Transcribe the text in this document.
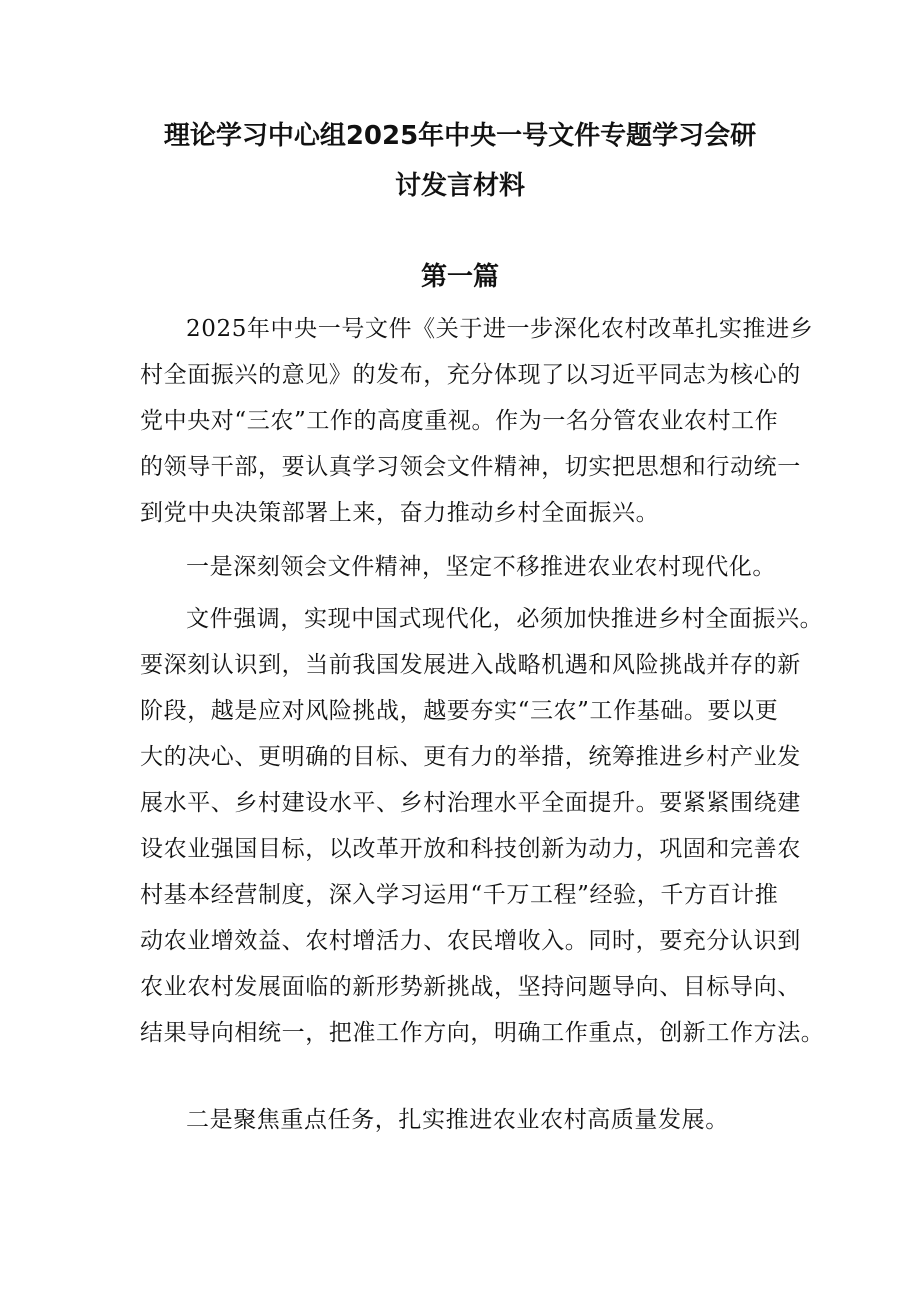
理论学习中心组2025年中央一号文件专题学习会研
讨发言材料
第一篇
2025年中央一号文件《关于进一步深化农村改革扎实推进乡
村全面振兴的意见》的发布，充分体现了以习近平同志为核心的
党中央对“三农”工作的高度重视。作为一名分管农业农村工作
的领导干部，要认真学习领会文件精神，切实把思想和行动统一
到党中央决策部署上来，奋力推动乡村全面振兴。
一是深刻领会文件精神，坚定不移推进农业农村现代化。
文件强调，实现中国式现代化，必须加快推进乡村全面振兴。
要深刻认识到，当前我国发展进入战略机遇和风险挑战并存的新
阶段，越是应对风险挑战，越要夯实“三农”工作基础。要以更
大的决心、更明确的目标、更有力的举措，统筹推进乡村产业发
展水平、乡村建设水平、乡村治理水平全面提升。要紧紧围绕建
设农业强国目标，以改革开放和科技创新为动力，巩固和完善农
村基本经营制度，深入学习运用“千万工程”经验，千方百计推
动农业增效益、农村增活力、农民增收入。同时，要充分认识到
农业农村发展面临的新形势新挑战，坚持问题导向、目标导向、
结果导向相统一，把准工作方向，明确工作重点，创新工作方法。
二是聚焦重点任务，扎实推进农业农村高质量发展。
